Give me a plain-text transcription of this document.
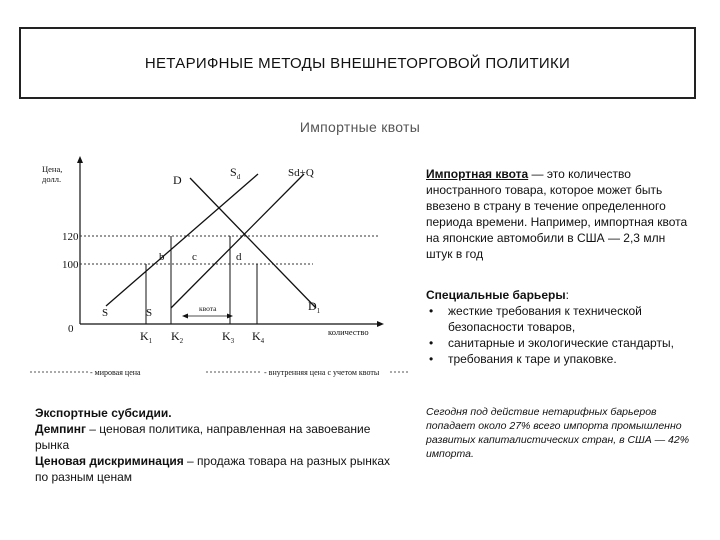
НЕТАРИФНЫЕ МЕТОДЫ ВНЕШНЕТОРГОВОЙ ПОЛИТИКИ
Импортные квоты
Цена,
долл.
количество
120
100
0
квота
D
$S_d$	Sd+Q
$D_1$
S	S
b	c	d
$K_1$ $K_2$	$K_3$ $K_4$
- мировая цена	- внутренняя цена с учетом квоты
Импортная квота — это количество иностранного товара, которое может быть ввезено в страну в течение определенного периода времени. Например, импортная квота на японские автомобили в США — 2,3 млн штук в год
Специальные барьеры:
• жесткие требования к технической безопасности товаров,
• санитарные и экологические стандарты,
• требования к таре и упаковке.
Экспортные субсидии.
Демпинг – ценовая политика, направленная на завоевание рынка
Ценовая дискриминация – продажа товара на разных рынках по разным ценам
Сегодня под действие нетарифных барьеров попадает около 27% всего импорта промышленно развитых капиталистических стран, в США — 42% импорта.
